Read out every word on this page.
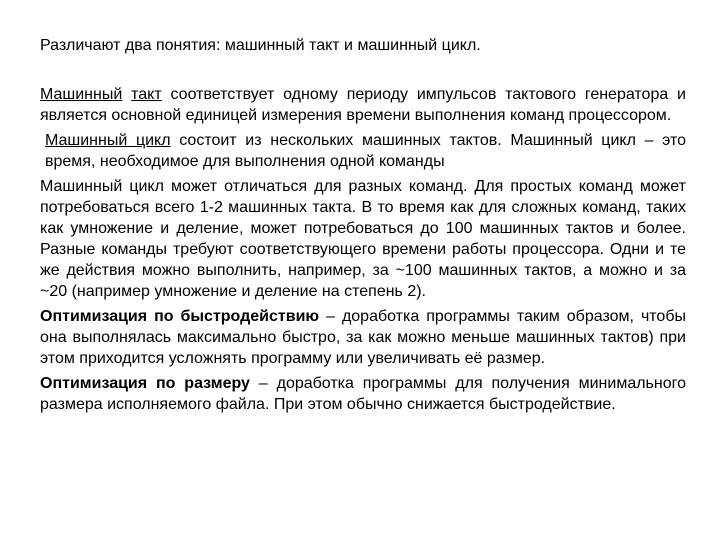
Различают два понятия: машинный такт и машинный цикл.

Машинный такт соответствует одному периоду импульсов тактового генератора и является основной единицей измерения времени выполнения команд процессором.

Машинный цикл состоит из нескольких машинных тактов. Машинный цикл – это время, необходимое для выполнения одной команды

Машинный цикл может отличаться для разных команд. Для простых команд может потребоваться всего 1-2 машинных такта. В то время как для сложных команд, таких как умножение и деление, может потребоваться до 100 машинных тактов и более. Разные команды требуют соответствующего времени работы процессора. Одни и те же действия можно выполнить, например, за ~100 машинных тактов, а можно и за ~20 (например умножение и деление на степень 2).

Оптимизация по быстродействию – доработка программы таким образом, чтобы она выполнялась максимально быстро, за как можно меньше машинных тактов) при этом приходится усложнять программу или увеличивать её размер.

Оптимизация по размеру – доработка программы для получения минимального размера исполняемого файла. При этом обычно снижается быстродействие.
